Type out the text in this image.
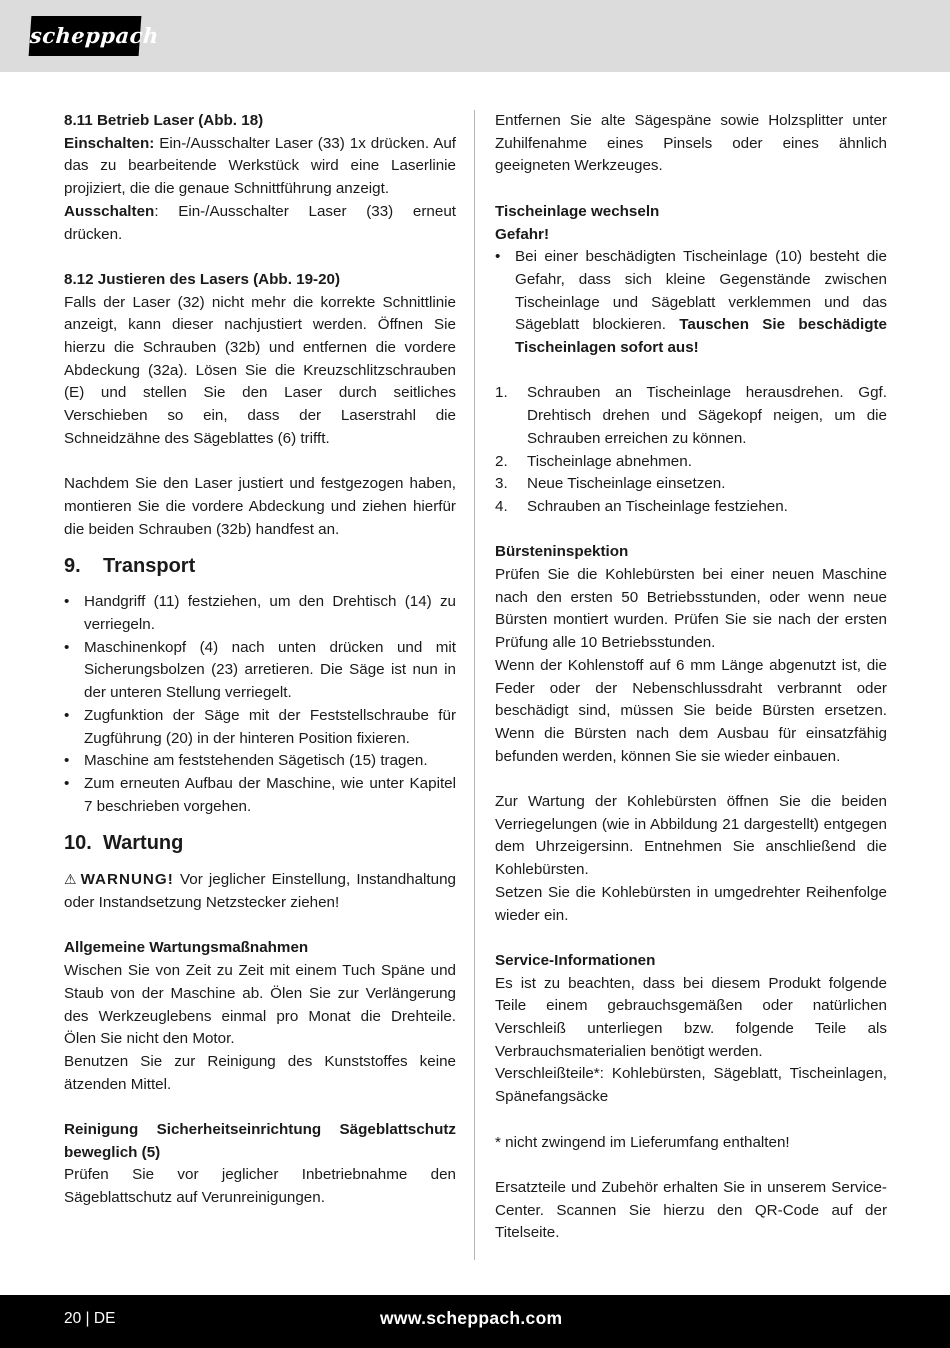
scheppach
8.11 Betrieb Laser (Abb. 18)
Einschalten: Ein-/Ausschalter Laser (33) 1x drücken. Auf das zu bearbeitende Werkstück wird eine Laserlinie projiziert, die die genaue Schnittführung anzeigt.
Ausschalten: Ein-/Ausschalter Laser (33) erneut drücken.
8.12 Justieren des Lasers (Abb. 19-20)
Falls der Laser (32) nicht mehr die korrekte Schnittlinie anzeigt, kann dieser nachjustiert werden. Öffnen Sie hierzu die Schrauben (32b) und entfernen die vordere Abdeckung (32a). Lösen Sie die Kreuzschlitzschrauben (E) und stellen Sie den Laser durch seitliches Verschieben so ein, dass der Laserstrahl die Schneidzähne des Sägeblattes (6) trifft.
Nachdem Sie den Laser justiert und festgezogen haben, montieren Sie die vordere Abdeckung und ziehen hierfür die beiden Schrauben (32b) handfest an.
9.	Transport
• Handgriff (11) festziehen, um den Drehtisch (14) zu verriegeln.
• Maschinenkopf (4) nach unten drücken und mit Sicherungsbolzen (23) arretieren. Die Säge ist nun in der unteren Stellung verriegelt.
• Zugfunktion der Säge mit der Feststellschraube für Zugführung (20) in der hinteren Position fixieren.
• Maschine am feststehenden Sägetisch (15) tragen.
• Zum erneuten Aufbau der Maschine, wie unter Kapitel 7 beschrieben vorgehen.
10. Wartung
⚠ WARNUNG! Vor jeglicher Einstellung, Instandhaltung oder Instandsetzung Netzstecker ziehen!
Allgemeine Wartungsmaßnahmen
Wischen Sie von Zeit zu Zeit mit einem Tuch Späne und Staub von der Maschine ab. Ölen Sie zur Verlängerung des Werkzeuglebens einmal pro Monat die Drehteile. Ölen Sie nicht den Motor.
Benutzen Sie zur Reinigung des Kunststoffes keine ätzenden Mittel.
Reinigung Sicherheitseinrichtung Sägeblattschutz beweglich (5)
Prüfen Sie vor jeglicher Inbetriebnahme den Sägeblattschutz auf Verunreinigungen.
Entfernen Sie alte Sägespäne sowie Holzsplitter unter Zuhilfenahme eines Pinsels oder eines ähnlich geeigneten Werkzeuges.
Tischeinlage wechseln
Gefahr!
• Bei einer beschädigten Tischeinlage (10) besteht die Gefahr, dass sich kleine Gegenstände zwischen Tischeinlage und Sägeblatt verklemmen und das Sägeblatt blockieren. Tauschen Sie beschädigte Tischeinlagen sofort aus!
1.	Schrauben an Tischeinlage herausdrehen. Ggf. Drehtisch drehen und Sägekopf neigen, um die Schrauben erreichen zu können.
2.	Tischeinlage abnehmen.
3.	Neue Tischeinlage einsetzen.
4.	Schrauben an Tischeinlage festziehen.
Bürsteninspektion
Prüfen Sie die Kohlebürsten bei einer neuen Maschine nach den ersten 50 Betriebsstunden, oder wenn neue Bürsten montiert wurden. Prüfen Sie sie nach der ersten Prüfung alle 10 Betriebsstunden.
Wenn der Kohlenstoff auf 6 mm Länge abgenutzt ist, die Feder oder der Nebenschlussdraht verbrannt oder beschädigt sind, müssen Sie beide Bürsten ersetzen. Wenn die Bürsten nach dem Ausbau für einsatzfähig befunden werden, können Sie sie wieder einbauen.
Zur Wartung der Kohlebürsten öffnen Sie die beiden Verriegelungen (wie in Abbildung 21 dargestellt) entgegen dem Uhrzeigersinn. Entnehmen Sie anschließend die Kohlebürsten.
Setzen Sie die Kohlebürsten in umgedrehter Reihenfolge wieder ein.
Service-Informationen
Es ist zu beachten, dass bei diesem Produkt folgende Teile einem gebrauchsgemäßen oder natürlichen Verschleiß unterliegen bzw. folgende Teile als Verbrauchsmaterialien benötigt werden.
Verschleißteile*: Kohlebürsten, Sägeblatt, Tischeinlagen, Spänefangsäcke
* nicht zwingend im Lieferumfang enthalten!
Ersatzteile und Zubehör erhalten Sie in unserem Service-Center. Scannen Sie hierzu den QR-Code auf der Titelseite.
20 | DE	www.scheppach.com
